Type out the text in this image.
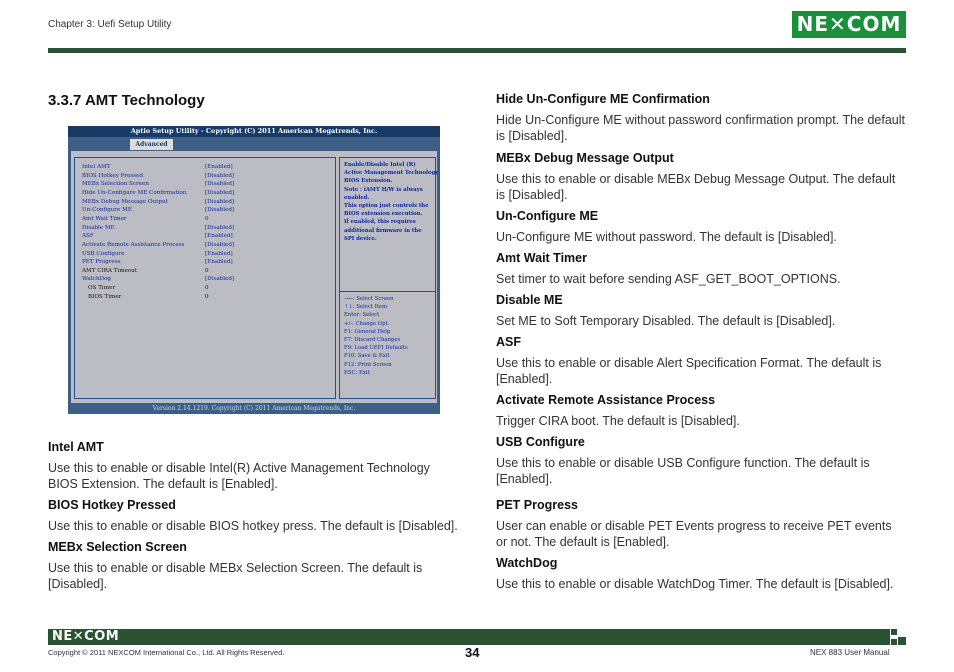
Chapter 3: Uefi Setup Utility	NE✕COM
3.3.7 AMT Technology
Aptio Setup Utility - Copyright (C) 2011 American Megatrends, Inc.
Advanced
Intel AMT	[Enabled]
BIOS Hotkey Pressed	[Disabled]
MEBx Selection Screen	[Disabled]
Hide Un-Configure ME Confirmation	[Disabled]
MEBx Debug Message Output	[Disabled]
Un-Configure ME	[Disabled]
Amt Wait Timer	0
Disable ME	[Disabled]
ASF	[Enabled]
Activate Remote Assistance Process	[Disabled]
USB Configure	[Enabled]
PET Progress	[Enabled]
AMT CIRA Timeout	0
WatchDog	[Disabled]
OS Timer	0
BIOS Timer	0
Enable/Disable Intel (R)
Active Management Technology
BIOS Extension.
Note : iAMT H/W is always
enabled.
This option just controls the
BIOS extension execution.
If enabled, this requires
additional firmware in the
SPI device.
→←: Select Screen
↑↓: Select Item
Enter: Select
+/-: Change Opt.
F1: General Help
F7: Discard Changes
F9: Load UEFI Defaults
F10: Save & Exit
F12: Print Screen
ESC: Exit
Version 2.14.1219. Copyright (C) 2011 American Megatrends, Inc.
Intel AMT
Use this to enable or disable Intel(R) Active Management Technology BIOS Extension. The default is [Enabled].
BIOS Hotkey Pressed
Use this to enable or disable BIOS hotkey press. The default is [Disabled].
MEBx Selection Screen
Use this to enable or disable MEBx Selection Screen. The default is [Disabled].
Hide Un-Configure ME Confirmation
Hide Un-Configure ME without password confirmation prompt. The default is [Disabled].
MEBx Debug Message Output
Use this to enable or disable MEBx Debug Message Output. The default is [Disabled].
Un-Configure ME
Un-Configure ME without password. The default is [Disabled].
Amt Wait Timer
Set timer to wait before sending ASF_GET_BOOT_OPTIONS.
Disable ME
Set ME to Soft Temporary Disabled. The default is [Disabled].
ASF
Use this to enable or disable Alert Specification Format. The default is [Enabled].
Activate Remote Assistance Process
Trigger CIRA boot. The default is [Disabled].
USB Configure
Use this to enable or disable USB Configure function. The default is [Enabled].
PET Progress
User can enable or disable PET Events progress to receive PET events or not. The default is [Enabled].
WatchDog
Use this to enable or disable WatchDog Timer. The default is [Disabled].
NE✕COM
Copyright © 2011 NEXCOM International Co., Ltd. All Rights Reserved.	34	NEX 883 User Manual
